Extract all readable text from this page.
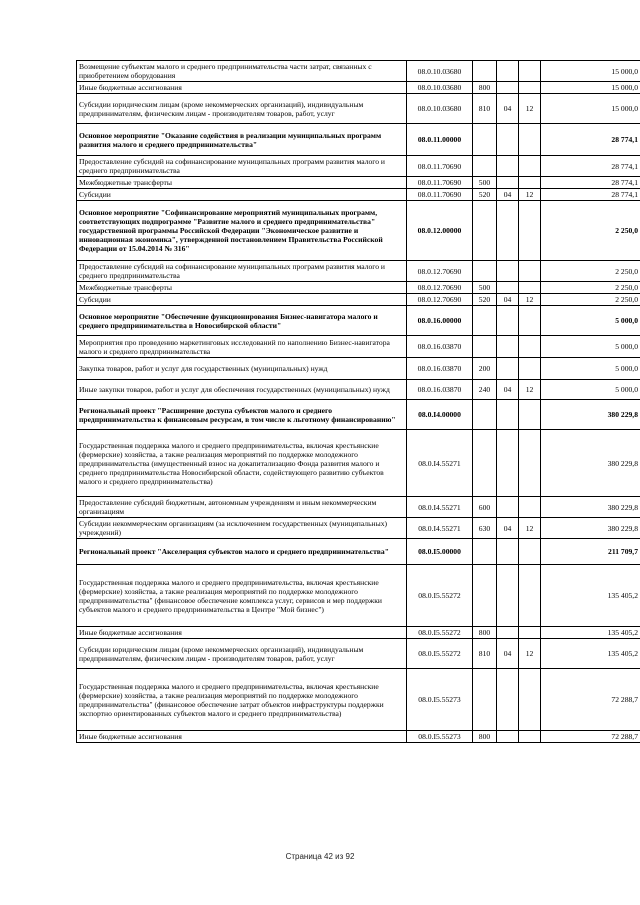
Возмещение субъектам малого и среднего предпринимательства части затрат, связанных с приобретением оборудования	08.0.10.03680				15 000,0
Иные бюджетные ассигнования	08.0.10.03680	800			15 000,0
Субсидии юридическим лицам (кроме некоммерческих организаций), индивидуальным предпринимателям, физическим лицам - производителям товаров, работ, услуг	08.0.10.03680	810	04	12	15 000,0
Основное мероприятие "Оказание содействия в реализации муниципальных программ развития малого и среднего предпринимательства"	08.0.11.00000				28 774,1
Предоставление субсидий на софинансирование муниципальных программ развития малого и среднего предпринимательства	08.0.11.70690				28 774,1
Межбюджетные трансферты	08.0.11.70690	500			28 774,1
Субсидии	08.0.11.70690	520	04	12	28 774,1
Основное мероприятие "Софинансирование мероприятий муниципальных программ, соответствующих подпрограмме "Развитие малого и среднего предпринимательства" государственной программы Российской Федерации "Экономическое развитие и инновационная экономика", утвержденной постановлением Правительства Российской Федерации от 15.04.2014 № 316"	08.0.12.00000				2 250,0
Предоставление субсидий на софинансирование муниципальных программ развития малого и среднего предпринимательства	08.0.12.70690				2 250,0
Межбюджетные трансферты	08.0.12.70690	500			2 250,0
Субсидии	08.0.12.70690	520	04	12	2 250,0
Основное мероприятие "Обеспечение функционирования Бизнес-навигатора малого и среднего предпринимательства в Новосибирской области"	08.0.16.00000				5 000,0
Мероприятия про проведению маркетинговых исследований по наполнению Бизнес-навигатора малого и среднего предпринимательства	08.0.16.03870				5 000,0
Закупка товаров, работ и услуг для государственных (муниципальных) нужд	08.0.16.03870	200			5 000,0
Иные закупки товаров, работ и услуг для обеспечения государственных (муниципальных) нужд	08.0.16.03870	240	04	12	5 000,0
Региональный проект "Расширение доступа субъектов малого и среднего предпринимательства к финансовым ресурсам, в том числе к льготному финансированию"	08.0.I4.00000				380 229,8
Государственная поддержка малого и среднего предпринимательства, включая крестьянские (фермерские) хозяйства, а также реализация мероприятий по поддержке молодежного предпринимательства (имущественный взнос на докапитализацию Фонда развития малого и среднего предпринимательства Новосибирской области, содействующего развитию субъектов малого и среднего предпринимательства)	08.0.I4.55271				380 229,8
Предоставление субсидий бюджетным, автономным учреждениям и иным некоммерческим организациям	08.0.I4.55271	600			380 229,8
Субсидии некоммерческим организациям (за исключением государственных (муниципальных) учреждений)	08.0.I4.55271	630	04	12	380 229,8
Региональный проект "Акселерация субъектов малого и среднего предпринимательства"	08.0.I5.00000				211 709,7
Государственная поддержка малого и среднего предпринимательства, включая крестьянские (фермерские) хозяйства, а также реализация мероприятий по поддержке молодежного предпринимательства" (финансовое обеспечение комплекса услуг, сервисов и мер поддержки субъектов малого и среднего предпринимательства в Центре "Мой бизнес")	08.0.I5.55272				135 405,2
Иные бюджетные ассигнования	08.0.I5.55272	800			135 405,2
Субсидии юридическим лицам (кроме некоммерческих организаций), индивидуальным предпринимателям, физическим лицам - производителям товаров, работ, услуг	08.0.I5.55272	810	04	12	135 405,2
Государственная поддержка малого и среднего предпринимательства, включая крестьянские (фермерские) хозяйства, а также реализация мероприятий по поддержке молодежного предпринимательства" (финансовое обеспечение затрат объектов инфраструктуры поддержки экспортно ориентированных субъектов малого и среднего предпринимательства)	08.0.I5.55273				72 288,7
Иные бюджетные ассигнования	08.0.I5.55273	800			72 288,7
Страница 42 из 92
